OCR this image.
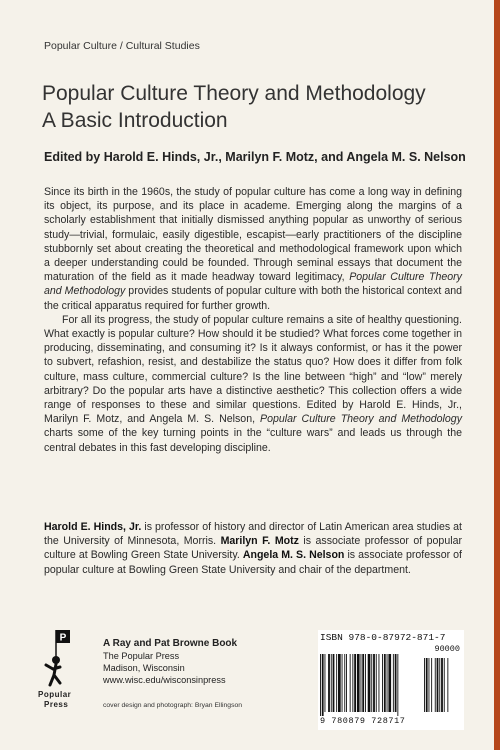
Popular Culture / Cultural Studies
Popular Culture Theory and Methodology
A Basic Introduction
Edited by Harold E. Hinds, Jr., Marilyn F. Motz, and Angela M. S. Nelson

Since its birth in the 1960s, the study of popular culture has come a long way in defining its object, its purpose, and its place in academe. Emerging along the margins of a scholarly establishment that initially dismissed anything popular as unworthy of serious study—trivial, formulaic, easily digestible, escapist—early practitioners of the discipline stubbornly set about creating the theoretical and methodological framework upon which a deeper understanding could be founded. Through seminal essays that document the maturation of the field as it made headway toward legitimacy, Popular Culture Theory and Methodology provides students of popular culture with both the historical context and the critical apparatus required for further growth.

For all its progress, the study of popular culture remains a site of healthy questioning. What exactly is popular culture? How should it be studied? What forces come together in producing, disseminating, and consuming it? Is it always conformist, or has it the power to subvert, refashion, resist, and destabilize the status quo? How does it differ from folk culture, mass culture, commercial culture? Is the line between “high” and “low” merely arbitrary? Do the popular arts have a distinctive aesthetic? This collection offers a wide range of responses to these and similar questions. Edited by Harold E. Hinds, Jr., Marilyn F. Motz, and Angela M. S. Nelson, Popular Culture Theory and Methodology charts some of the key turning points in the “culture wars” and leads us through the central debates in this fast developing discipline.

Harold E. Hinds, Jr. is professor of history and director of Latin American area studies at the University of Minnesota, Morris. Marilyn F. Motz is associate professor of popular culture at Bowling Green State University. Angela M. S. Nelson is associate professor of popular culture at Bowling Green State University and chair of the department.

P
Popular
Press
A Ray and Pat Browne Book
The Popular Press
Madison, Wisconsin
www.wisc.edu/wisconsinpress
cover design and photograph: Bryan Ellingson
ISBN 978-0-87972-871-7
90000
9 780879 728717
